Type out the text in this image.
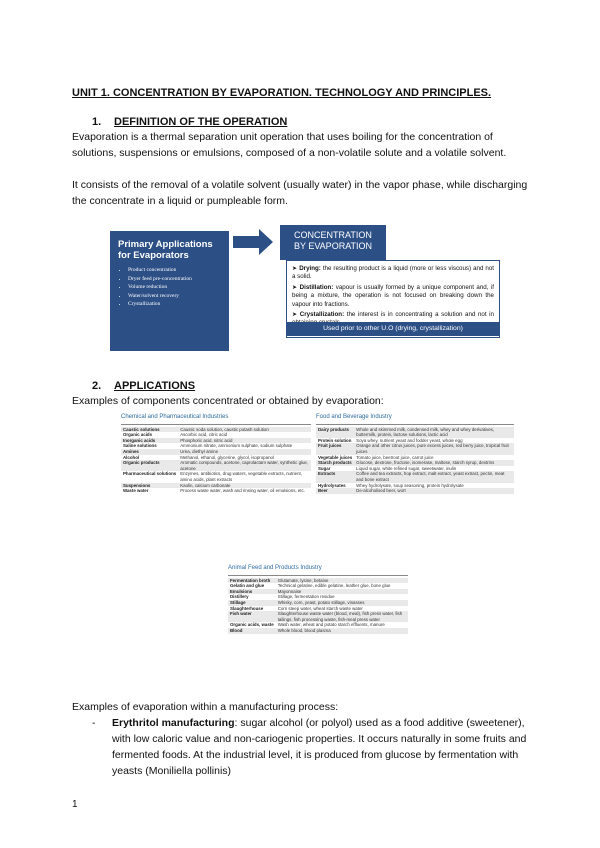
UNIT 1. CONCENTRATION BY EVAPORATION. TECHNOLOGY AND PRINCIPLES.
1. DEFINITION OF THE OPERATION
Evaporation is a thermal separation unit operation that uses boiling for the concentration of solutions, suspensions or emulsions, composed of a non-volatile solute and a volatile solvent.
It consists of the removal of a volatile solvent (usually water) in the vapor phase, while discharging the concentrate in a liquid or pumpleable form.
Primary Applications for Evaporators
• Product concentration
• Dryer feed pre-concentration
• Volume reduction
• Water/solvent recovery
• Crystallization
CONCENTRATION
BY EVAPORATION

➤ Drying: the resulting product is a liquid (more or less viscous) and not a solid.

➤ Distillation: vapour is usually formed by a unique component and, if being a mixture, the operation is not focused on breaking down the vapour into fractions.

➤ Crystallization: the interest is in concentrating a solution and not in

Used prior to other U.O (drying, crystallization)
2. APPLICATIONS
Examples of components concentrated or obtained by evaporation:
Chemical and Pharmaceutical Industries
Caustic solutions	Caustic soda solution, caustic potash solution
Organic acids	Ascorbic acid, citric acid
Inorganic acids	Phosphoric acid, nitric acid
Saline solutions	Ammonium nitrate, ammonium sulphate, sodium sulphate
Amines	Urea, diethyl amine
Alcohol	Methanol, ethanol, glycerine, glycol, isopropanol
Organic products	Aromatic compounds, acetone, caprolactam water, synthetic glue, acetone
Pharmaceutical solutions	Enzymes, antibiotics, drug waters, vegetable extracts, nutrient, amino acids, plant extracts
Suspensions	Kaolin, calcium carbonate
Waste water	Process waste water, wash and rinsing water, oil emulsions, etc.
Food and Beverage Industry
Dairy products	Whole and skimmed milk, condensed milk, whey and whey derivatives, buttermilk, protein, lactose solutions, lactic acid
Protein solution	Soya whey, nutrient yeast and fodder yeast, whole egg
Fruit juices	Orange and other citrus juices, pure excess juices, red berry juice, tropical fruit juices
Vegetable juices	Tomato juice, beetroot juice, carrot juice
Starch products	Glucose, dextrose, fructose, isomerase, maltose, starch syrup, dextrins
Sugar	Liquid sugar, white refined sugar, sweetwater, inulin
Extracts	Coffee and tea extracts, hop extract, malt extract, yeast extract, pectin, meat and bone extract
Hydrolysates	Whey hydrolysate, soup seasoning, protein hydrolysate
Beer	De-alcoholised beer, wort
Animal Feed and Products Industry
Fermentation broth	Glutamate, lysine, betaine
Gelatin and glue	Technical gelatine, edible gelatine, leather glue, bone glue
Emulsions	Mayonnaise
Distillery	Stillage, fermentation residue
Stillage	Whisky, corn, yeast, potato stillage, vinasses
Slaughterhouse	Corn steep water, wheat starch waste water
Fish water	Slaughterhouse waste water (blood, meal), fish press water, fish tailings, fish processing waste, fish-meal press water
Organic acids, waste	Wash water, wheat and potato starch effluents, manure
Blood	Whole blood, blood plasma
Examples of evaporation within a manufacturing process:
- Erythritol manufacturing: sugar alcohol (or polyol) used as a food additive (sweetener), with low caloric value and non-cariogenic properties. It occurs naturally in some fruits and fermented foods. At the industrial level, it is produced from glucose by fermentation with yeasts (Moniliella pollinis)
1
